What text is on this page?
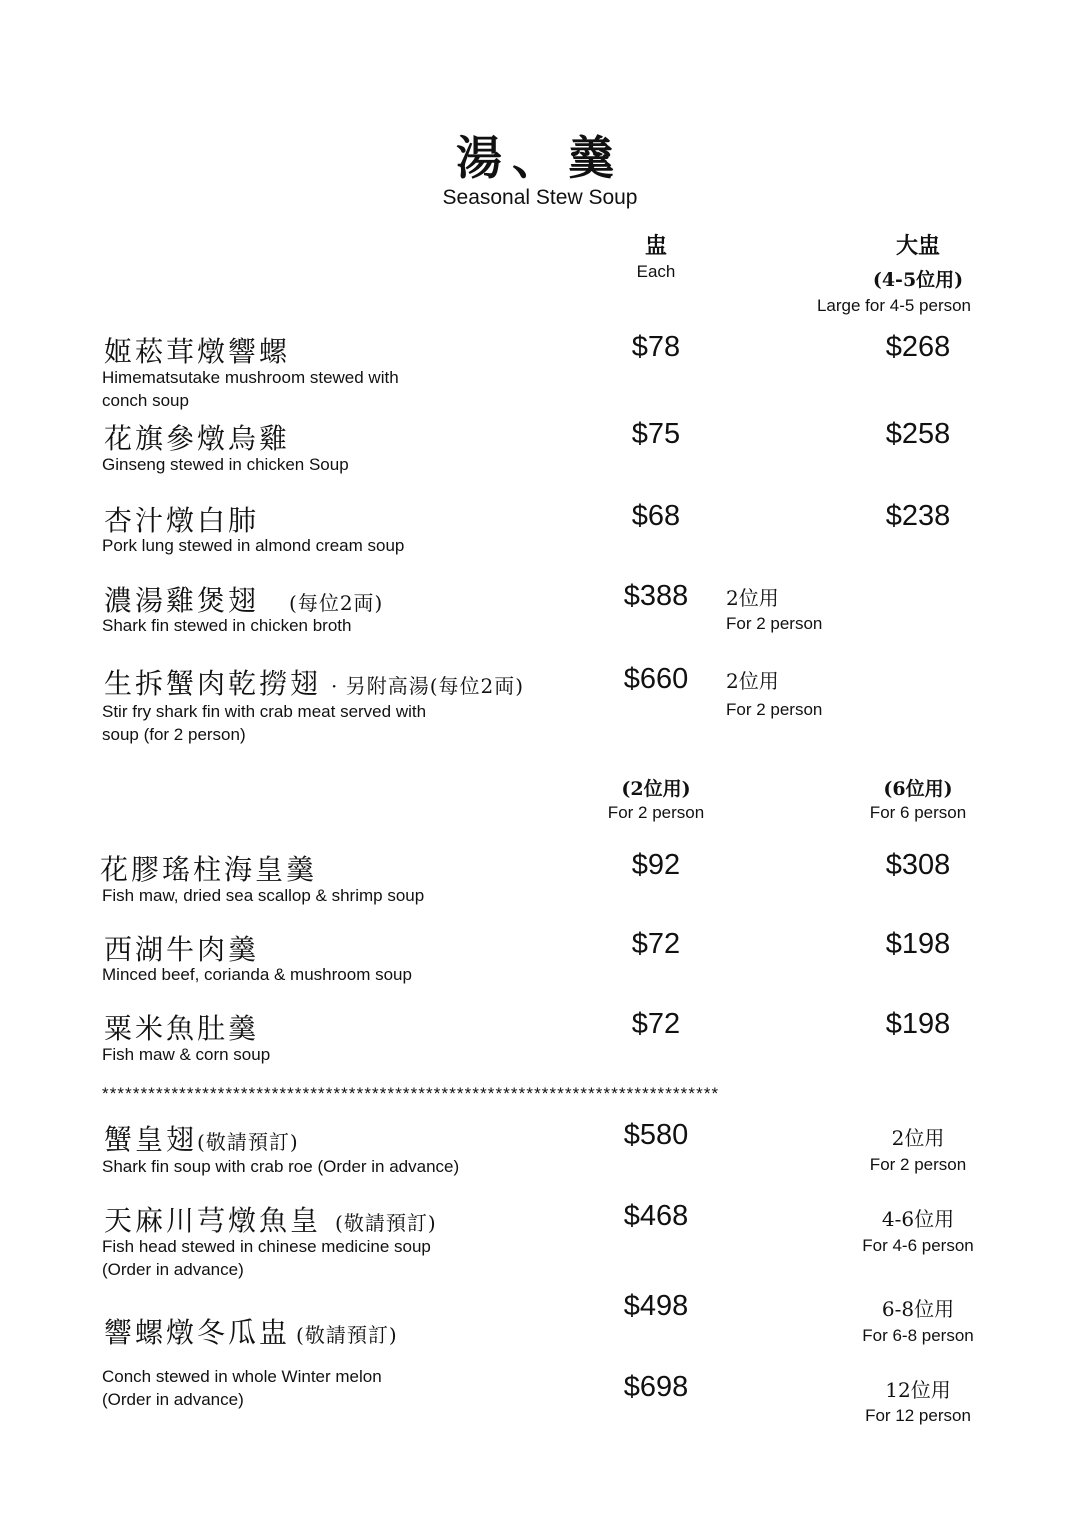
湯、羹
Seasonal Stew Soup
盅
Each
大盅
(4-5位用)
Large for 4-5 person
姬菘茸燉響螺
Himematsutake mushroom stewed with
conch soup
$78	$268
花旗參燉烏雞
Ginseng stewed in chicken Soup
$75	$258
杏汁燉白肺
Pork lung stewed in almond cream soup
$68	$238
濃湯雞煲翅 (每位2両)
Shark fin stewed in chicken broth
$388 2位用
For 2 person
生拆蟹肉乾撈翅 · 另附高湯(每位2両)
Stir fry shark fin with crab meat served with
soup (for 2 person)
$660 2位用
For 2 person
(2位用)
For 2 person
(6位用)
For 6 person
花膠瑤柱海皇羹
Fish maw, dried sea scallop & shrimp soup
$92	$308
西湖牛肉羹
Minced beef, corianda & mushroom soup
$72	$198
粟米魚肚羹
Fish maw & corn soup
$72	$198
********************************************************************************
蟹皇翅(敬請預訂)
Shark fin soup with crab roe (Order in advance)
$580	2位用
For 2 person
天麻川芎燉魚皇 (敬請預訂)
Fish head stewed in chinese medicine soup
(Order in advance)
$468	4-6位用
For 4-6 person
響螺燉冬瓜盅 (敬請預訂)
Conch stewed in whole Winter melon
(Order in advance)
$498	6-8位用
For 6-8 person
$698	12位用
For 12 person
